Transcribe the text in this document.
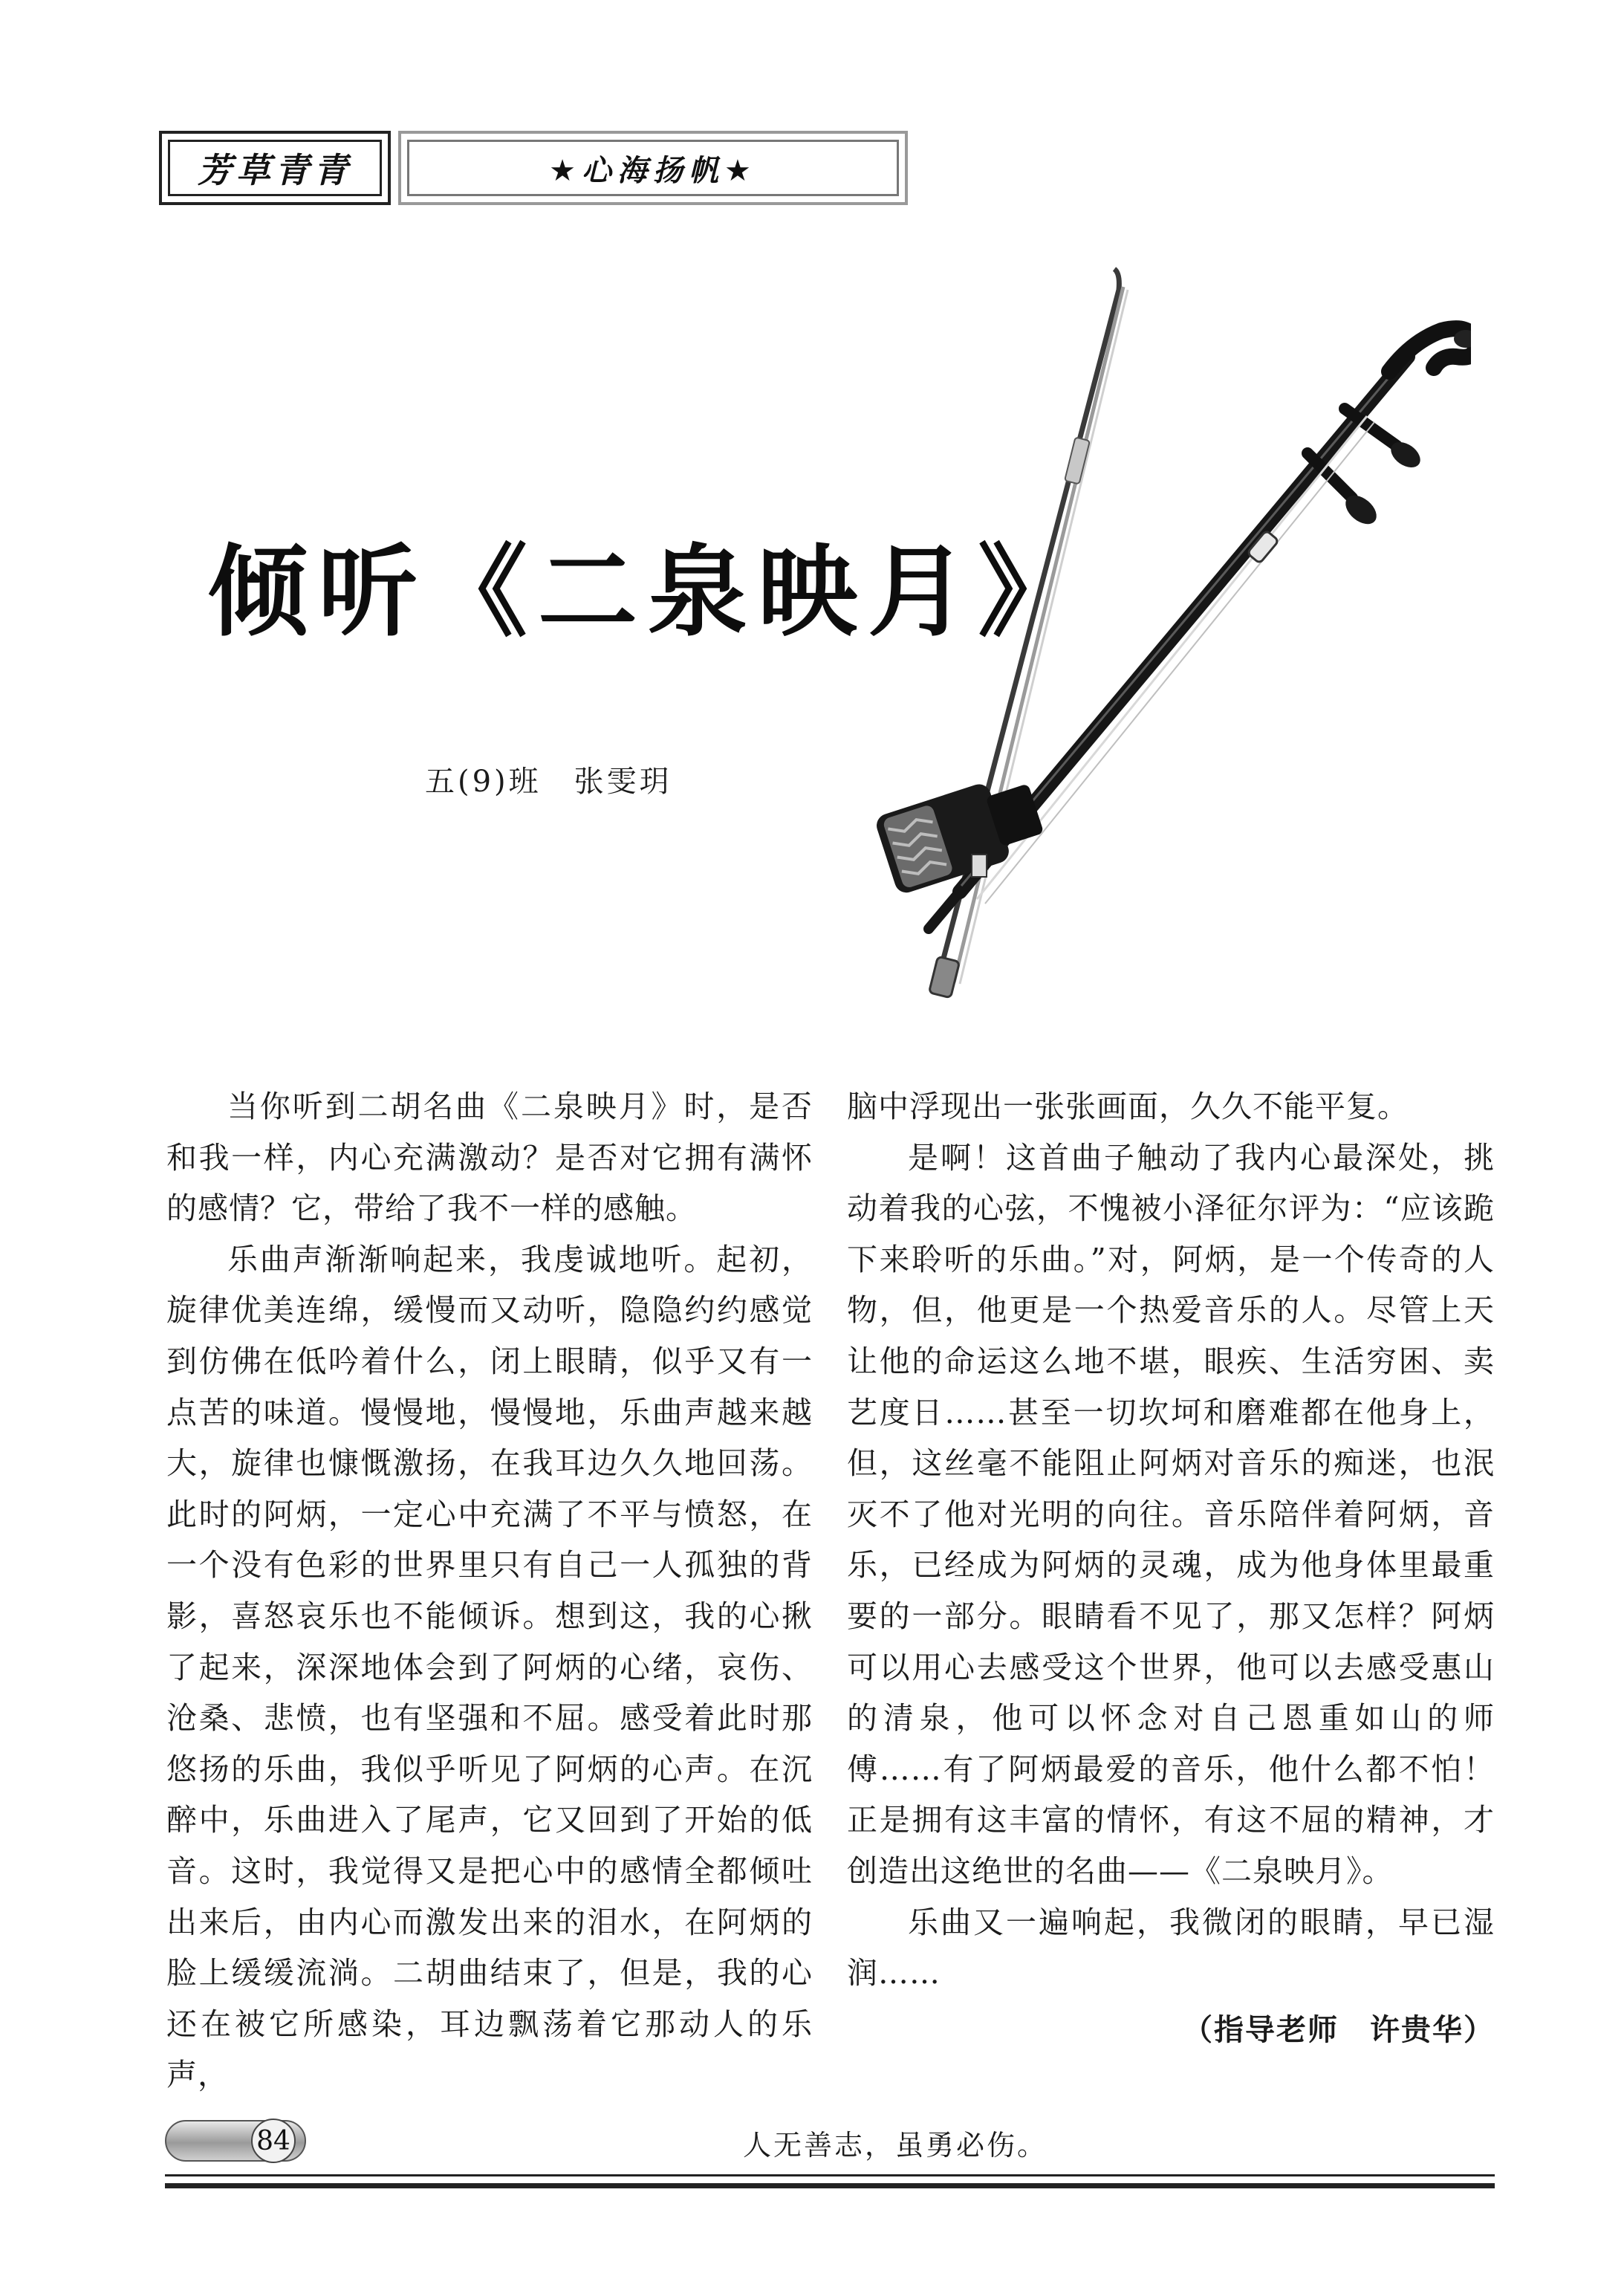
芳草青青	★心海扬帆★
倾听《二泉映月》
五(9)班　张雯玥

当你听到二胡名曲《二泉映月》时，是否和我一样，内心充满激动？是否对它拥有满怀的感情？它，带给了我不一样的感触。

乐曲声渐渐响起来，我虔诚地听。起初，旋律优美连绵，缓慢而又动听，隐隐约约感觉到仿佛在低吟着什么，闭上眼睛，似乎又有一点苦的味道。慢慢地，慢慢地，乐曲声越来越大，旋律也慷慨激扬，在我耳边久久地回荡。此时的阿炳，一定心中充满了不平与愤怒，在一个没有色彩的世界里只有自己一人孤独的背影，喜怒哀乐也不能倾诉。想到这，我的心揪了起来，深深地体会到了阿炳的心绪，哀伤、沧桑、悲愤，也有坚强和不屈。感受着此时那悠扬的乐曲，我似乎听见了阿炳的心声。在沉醉中，乐曲进入了尾声，它又回到了开始的低音。这时，我觉得又是把心中的感情全都倾吐出来后，由内心而激发出来的泪水，在阿炳的脸上缓缓流淌。二胡曲结束了，但是，我的心还在被它所感染，耳边飘荡着它那动人的乐声，

脑中浮现出一张张画面，久久不能平复。

是啊！这首曲子触动了我内心最深处，挑动着我的心弦，不愧被小泽征尔评为：“应该跪下来聆听的乐曲。”对，阿炳，是一个传奇的人物，但，他更是一个热爱音乐的人。尽管上天让他的命运这么地不堪，眼疾、生活穷困、卖艺度日……甚至一切坎坷和磨难都在他身上，但，这丝毫不能阻止阿炳对音乐的痴迷，也泯灭不了他对光明的向往。音乐陪伴着阿炳，音乐，已经成为阿炳的灵魂，成为他身体里最重要的一部分。眼睛看不见了，那又怎样？阿炳可以用心去感受这个世界，他可以去感受惠山的清泉，他可以怀念对自己恩重如山的师傅……有了阿炳最爱的音乐，他什么都不怕！正是拥有这丰富的情怀，有这不屈的精神，才创造出这绝世的名曲——《二泉映月》。

乐曲又一遍响起，我微闭的眼睛，早已湿润……

（指导老师　许贵华）
84	人无善志，虽勇必伤。
